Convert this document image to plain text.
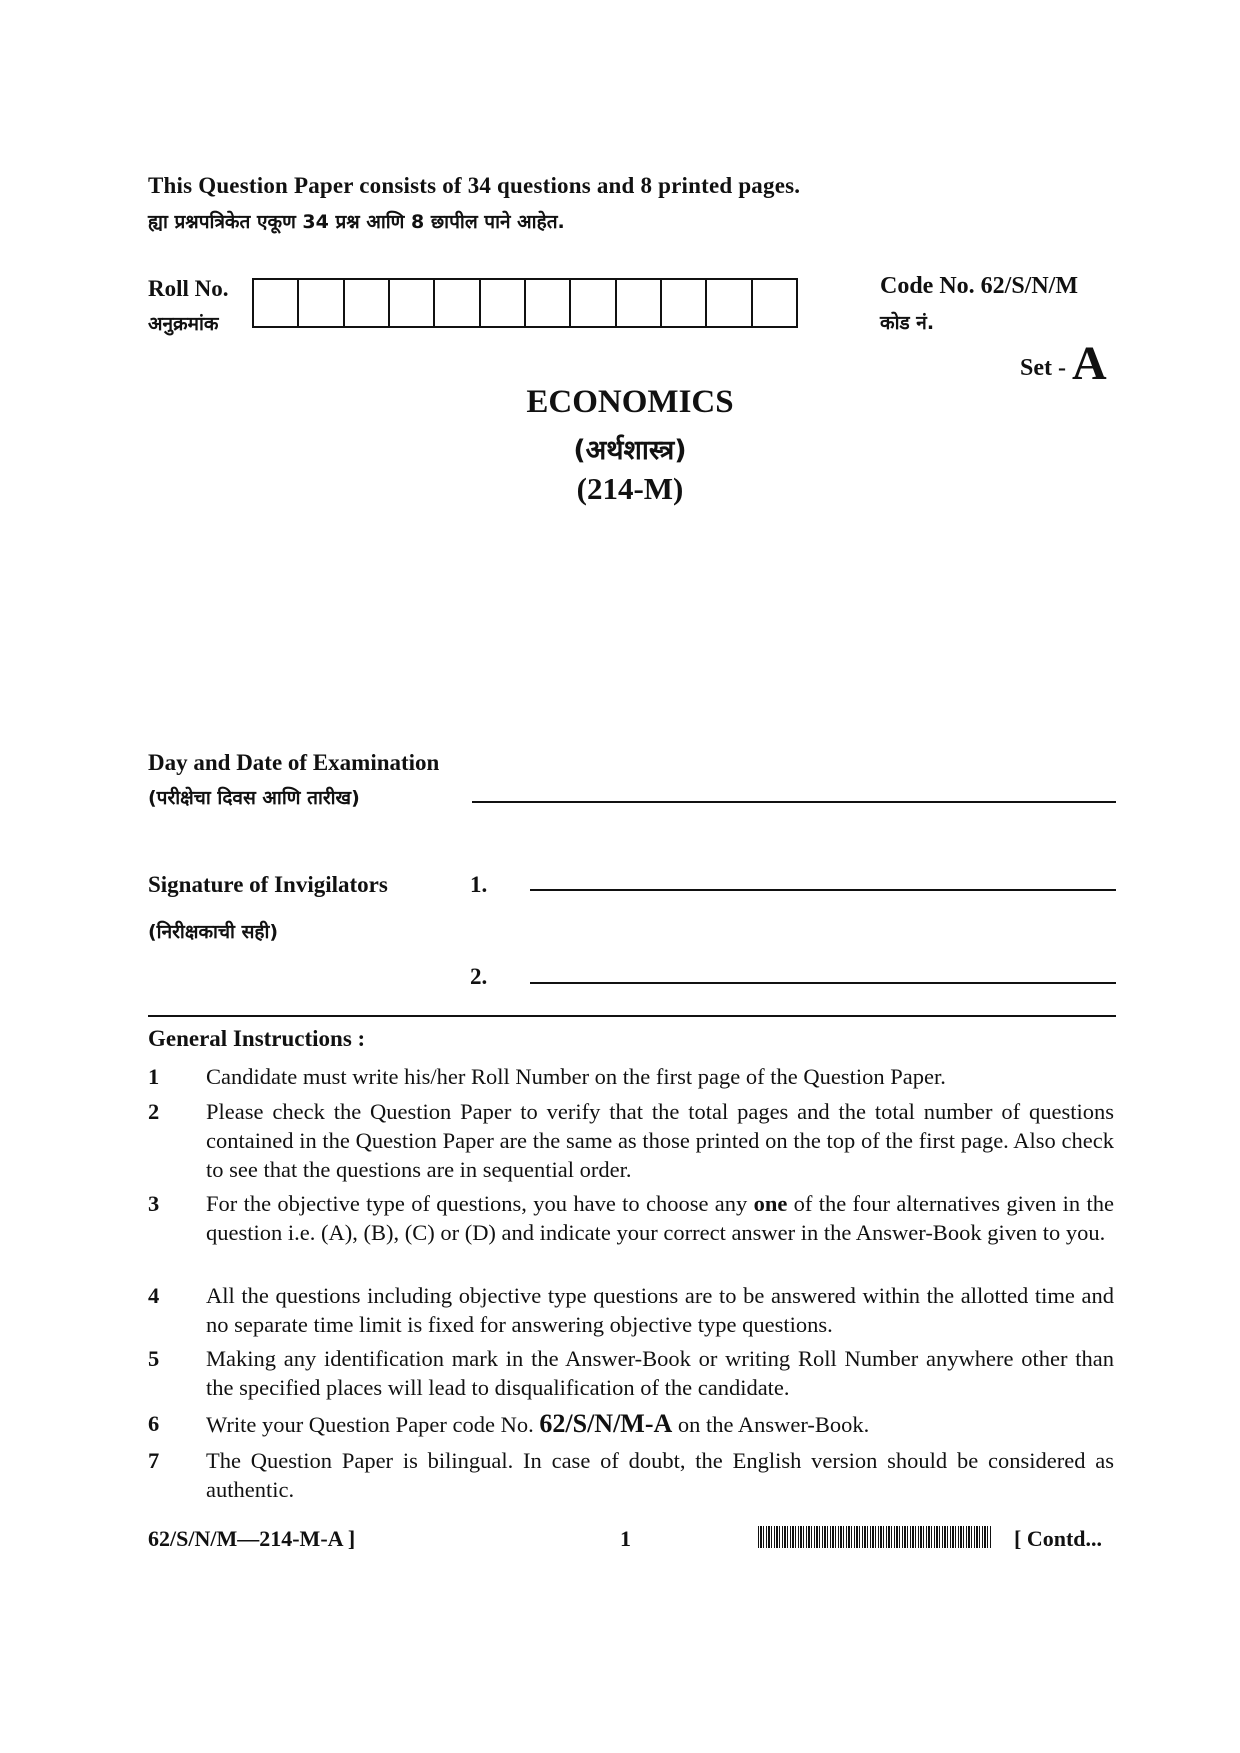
This Question Paper consists of 34 questions and 8 printed pages.
ह्या प्रश्नपत्रिकेत एकूण 34 प्रश्न आणि 8 छापील पाने आहेत.
Roll No.
अनुक्रमांक
Code No. 62/S/N/M
कोड नं.
Set - A
ECONOMICS
(अर्थशास्त्र)
(214-M)
Day and Date of Examination
(परीक्षेचा दिवस आणि तारीख)
Signature of Invigilators
(निरीक्षकाची सही)
1.
2.
General Instructions :
1 Candidate must write his/her Roll Number on the first page of the Question Paper.
2 Please check the Question Paper to verify that the total pages and the total number of questions contained in the Question Paper are the same as those printed on the top of the first page. Also check to see that the questions are in sequential order.
3 For the objective type of questions, you have to choose any one of the four alternatives given in the question i.e. (A), (B), (C) or (D) and indicate your correct answer in the Answer-Book given to you.
4 All the questions including objective type questions are to be answered within the allotted time and no separate time limit is fixed for answering objective type questions.
5 Making any identification mark in the Answer-Book or writing Roll Number anywhere other than the specified places will lead to disqualification of the candidate.
6 Write your Question Paper code No. 62/S/N/M-A on the Answer-Book.
7 The Question Paper is bilingual. In case of doubt, the English version should be considered as authentic.
62/S/N/M—214-M-A ]	1	[ Contd...
